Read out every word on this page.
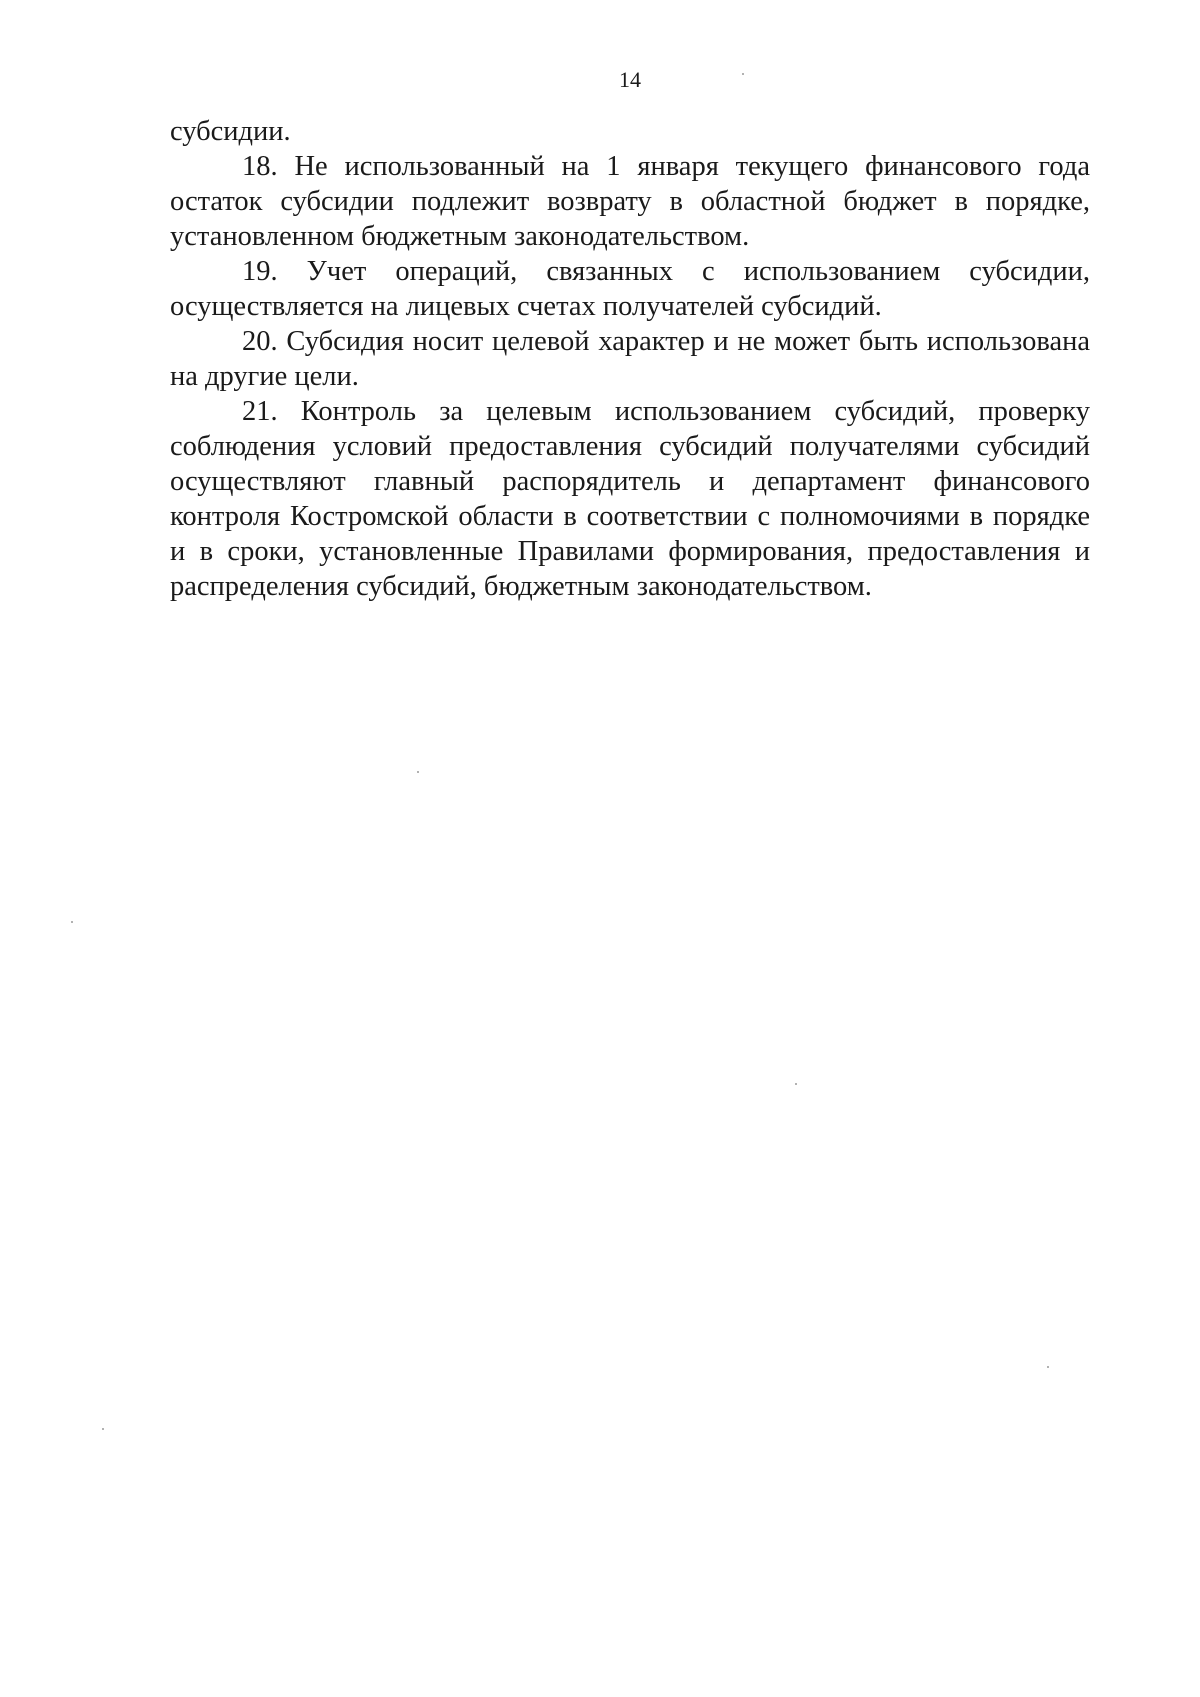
14

субсидии.

18. Не использованный на 1 января текущего финансового года остаток субсидии подлежит возврату в областной бюджет в порядке, установленном бюджетным законодательством.

19. Учет операций, связанных с использованием субсидии, осуществляется на лицевых счетах получателей субсидий.

20. Субсидия носит целевой характер и не может быть использована на другие цели.

21. Контроль за целевым использованием субсидий, проверку соблюдения условий предоставления субсидий получателями субсидий осуществляют главный распорядитель и департамент финансового контроля Костромской области в соответствии с полномочиями в порядке и в сроки, установленные Правилами формирования, предоставления и распределения субсидий, бюджетным законодательством.
